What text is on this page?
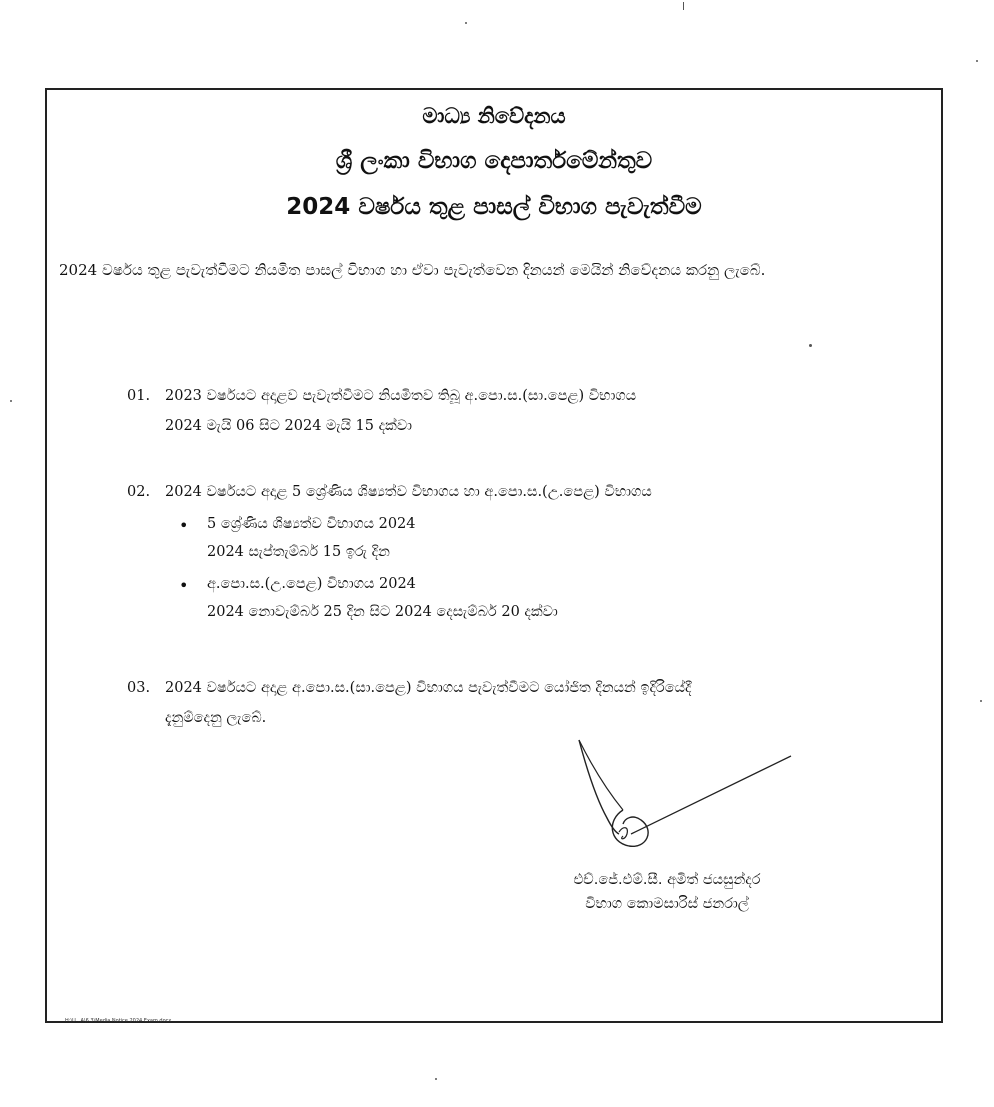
මාධ්‍ය නිවේදනය
ශ්‍රී ලංකා විභාග දෙපාර්තමේන්තුව
2024 වර්ෂය තුළ පාසල් විභාග පැවැත්වීම
2024 වර්ෂය තුළ පැවැත්වීමට නියමිත පාසල් විභාග හා ඒවා පැවැත්වෙන දිනයන් මෙයින් නිවේදනය කරනු ලැබේ.
01. 2023 වර්ෂයට අදාළව පැවැත්වීමට නියමිතව තිබූ අ.පො.ස.(සා.පෙළ) විභාගය
2024 මැයි 06 සිට 2024 මැයි 15 දක්වා
02. 2024 වර්ෂයට අදාළ 5 ශ්‍රේණිය ශිෂ්‍යත්ව විභාගය හා අ.පො.ස.(උ.පෙළ) විභාගය
• 5 ශ්‍රේණිය ශිෂ්‍යත්ව විභාගය 2024
2024 සැප්තැම්බර් 15 ඉරු දින
• අ.පො.ස.(උ.පෙළ) විභාගය 2024
2024 නොවැම්බර් 25 දින සිට 2024 දෙසැම්බර් 20 දක්වා
03. 2024 වර්ෂයට අදාළ අ.පො.ස.(සා.පෙළ) විභාගය පැවැත්වීමට යෝජිත දිනයන් ඉදිරියේදී
දැනුම්දෙනු ලැබේ.
එච්.ජේ.එම්.සී. අමිත් ජයසුන්දර
විභාග කොමසාරිස් ජනරාල්
H:\U . A\6.3\Media Notice 2024 Exam.docx
